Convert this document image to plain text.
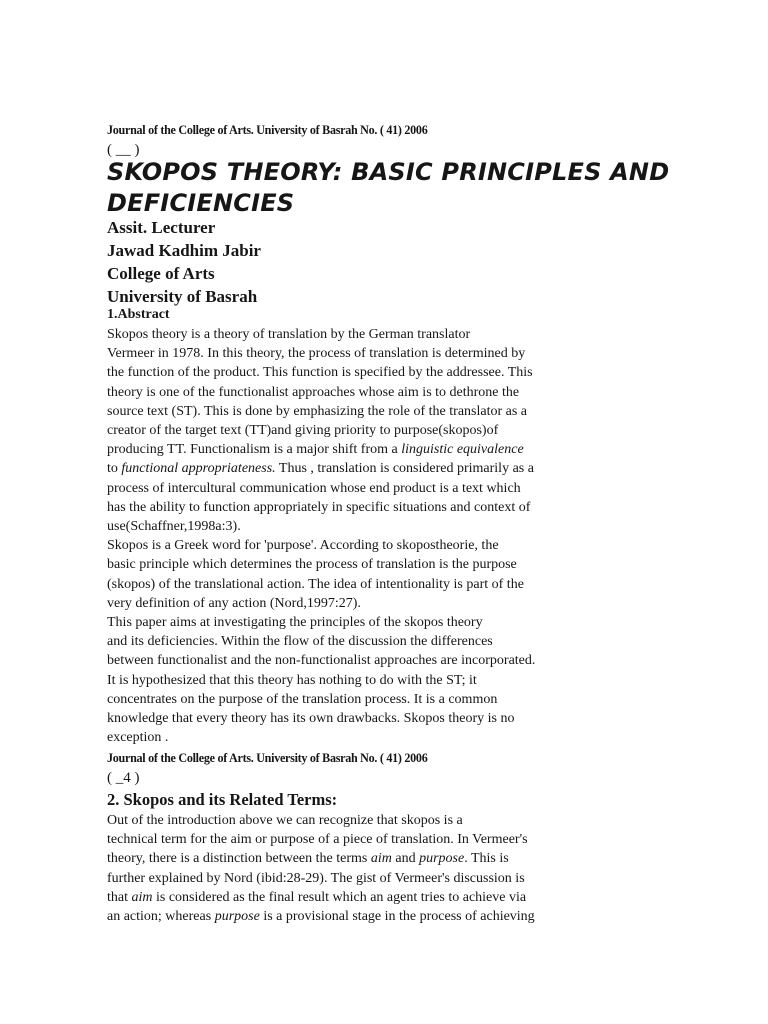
Journal of the College of Arts. University of Basrah No. ( 41) 2006
( __ )
SKOPOS THEORY: BASIC PRINCIPLES AND
DEFICIENCIES
Assit. Lecturer
Jawad Kadhim Jabir
College of Arts
University of Basrah
1.Abstract
Skopos theory is a theory of translation by the German translator
Vermeer in 1978. In this theory, the process of translation is determined by
the function of the product. This function is specified by the addressee. This
theory is one of the functionalist approaches whose aim is to dethrone the
source text (ST). This is done by emphasizing the role of the translator as a
creator of the target text (TT)and giving priority to purpose(skopos)of
producing TT. Functionalism is a major shift from a linguistic equivalence
to functional appropriateness. Thus , translation is considered primarily as a
process of intercultural communication whose end product is a text which
has the ability to function appropriately in specific situations and context of
use(Schaffner,1998a:3).
Skopos is a Greek word for 'purpose'. According to skopostheorie, the
basic principle which determines the process of translation is the purpose
(skopos) of the translational action. The idea of intentionality is part of the
very definition of any action (Nord,1997:27).
This paper aims at investigating the principles of the skopos theory
and its deficiencies. Within the flow of the discussion the differences
between functionalist and the non-functionalist approaches are incorporated.
It is hypothesized that this theory has nothing to do with the ST; it
concentrates on the purpose of the translation process. It is a common
knowledge that every theory has its own drawbacks. Skopos theory is no
exception .
Journal of the College of Arts. University of Basrah No. ( 41) 2006
( _4 )
2. Skopos and its Related Terms:
Out of the introduction above we can recognize that skopos is a
technical term for the aim or purpose of a piece of translation. In Vermeer's
theory, there is a distinction between the terms aim and purpose. This is
further explained by Nord (ibid:28-29). The gist of Vermeer's discussion is
that aim is considered as the final result which an agent tries to achieve via
an action; whereas purpose is a provisional stage in the process of achieving
